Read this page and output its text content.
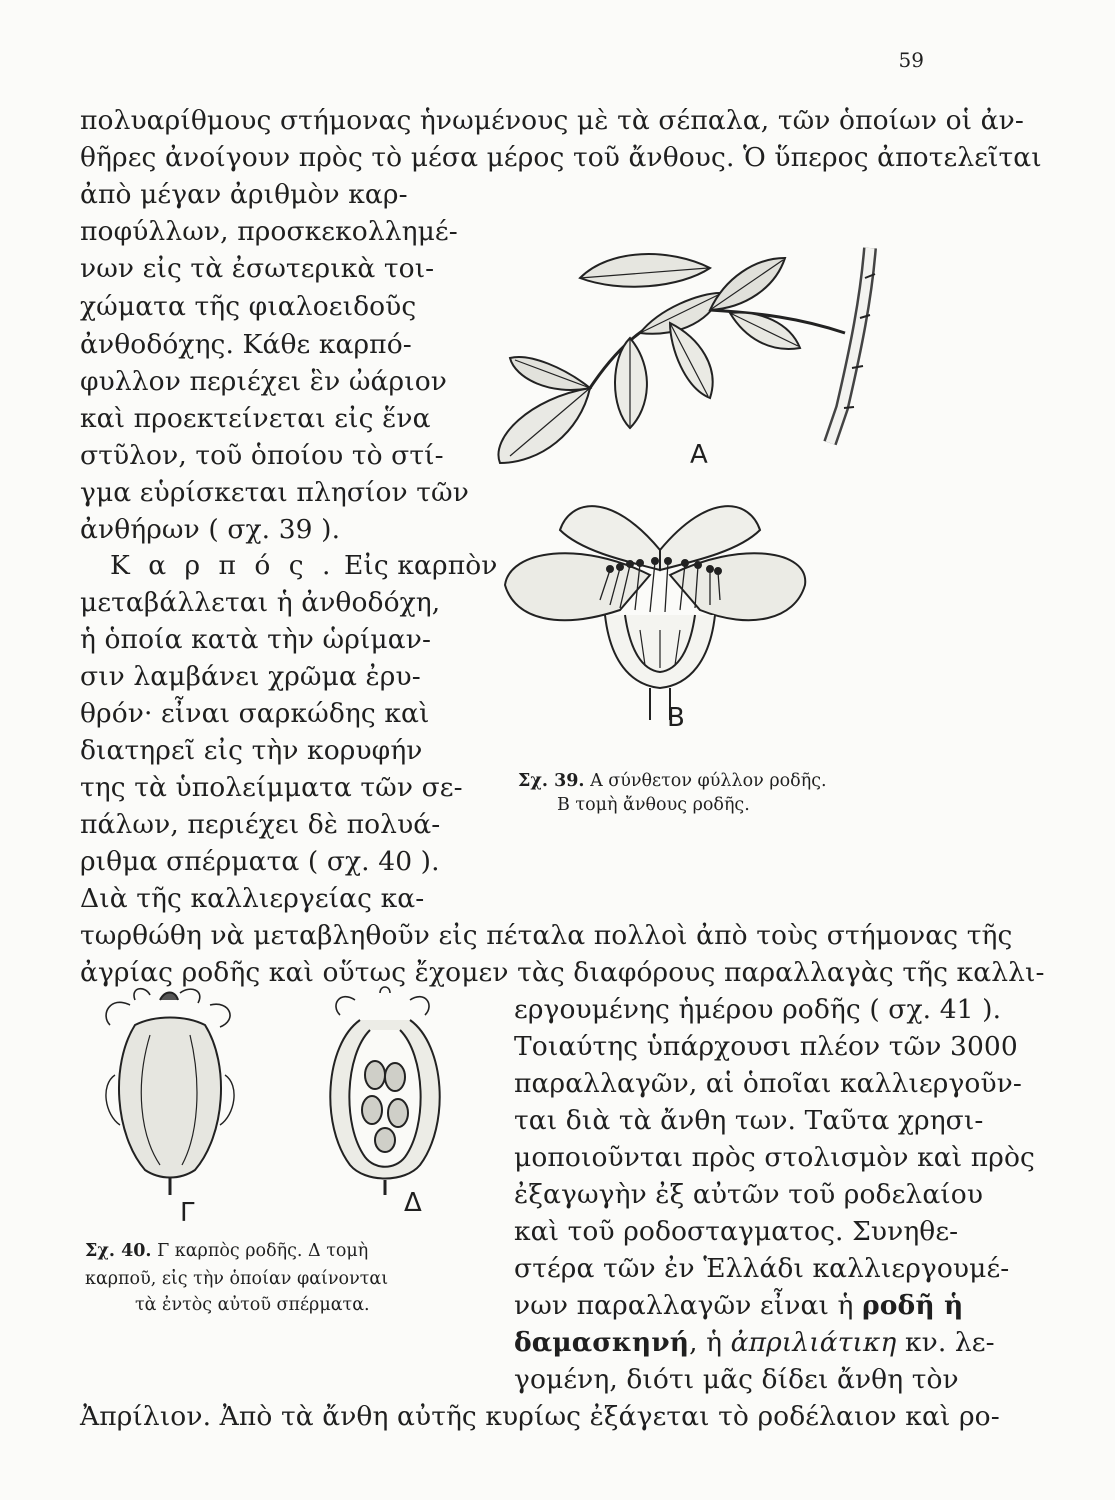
59
πολυαρίθμους στήμονας ἡνωμένους μὲ τὰ σέπαλα, τῶν ὁποίων οἱ ἀν-
θῆρες ἀνοίγουν πρὸς τὸ μέσα μέρος τοῦ ἄνθους. Ὁ ὕπερος ἀποτελεῖται
ἀπὸ μέγαν ἀριθμὸν καρ-
ποφύλλων, προσκεκολλημέ-
νων εἰς τὰ ἐσωτερικὰ τοι-
χώματα τῆς φιαλοειδοῦς
ἀνθοδόχης. Κάθε καρπό-
φυλλον περιέχει ἓν ὠάριον
καὶ προεκτείνεται εἰς ἕνα
στῦλον, τοῦ ὁποίου τὸ στί-
γμα εὑρίσκεται πλησίον τῶν
ἀνθήρων ( σχ. 39 ).
Κ α ρ π ό ς . Εἰς καρπὸν
μεταβάλλεται ἡ ἀνθοδόχη,
ἡ ὁποία κατὰ τὴν ὡρίμαν-
σιν λαμβάνει χρῶμα ἐρυ-
θρόν· εἶναι σαρκώδης καὶ
διατηρεῖ εἰς τὴν κορυφήν
της τὰ ὑπολείμματα τῶν σε-
πάλων, περιέχει δὲ πολυά-
ριθμα σπέρματα ( σχ. 40 ).
Διὰ τῆς καλλιεργείας κα-
τωρθώθη νὰ μεταβληθοῦν εἰς πέταλα πολλοὶ ἀπὸ τοὺς στήμονας τῆς
ἀγρίας ροδῆς καὶ οὕτως ἔχομεν τὰς διαφόρους παραλλαγὰς τῆς καλλι-
εργουμένης ἡμέρου ροδῆς ( σχ. 41 ).
Τοιαύτης ὑπάρχουσι πλέον τῶν 3000
παραλλαγῶν, αἱ ὁποῖαι καλλιεργοῦν-
ται διὰ τὰ ἄνθη των. Ταῦτα χρησι-
μοποιοῦνται πρὸς στολισμὸν καὶ πρὸς
ἐξαγωγὴν ἐξ αὐτῶν τοῦ ροδελαίου
καὶ τοῦ ροδοσταγματος. Συνηθε-
στέρα τῶν ἐν Ἑλλάδι καλλιεργουμέ-
νων παραλλαγῶν εἶναι ἡ ροδῆ ἡ
δαμασκηνή, ἡ ἀπριλιάτικη κν. λε-
γομένη, διότι μᾶς δίδει ἄνθη τὸν
Ἀπρίλιον. Ἀπὸ τὰ ἄνθη αὐτῆς κυρίως ἐξάγεται τὸ ροδέλαιον καὶ ρο-
Α
Β
Σχ. 39. Α σύνθετον φύλλον ροδῆς.
Β τομὴ ἄνθους ροδῆς.
Γ	Δ
Σχ. 40. Γ καρπὸς ροδῆς. Δ τομὴ
καρποῦ, εἰς τὴν ὁποίαν φαίνονται
τὰ ἐντὸς αὐτοῦ σπέρματα.
